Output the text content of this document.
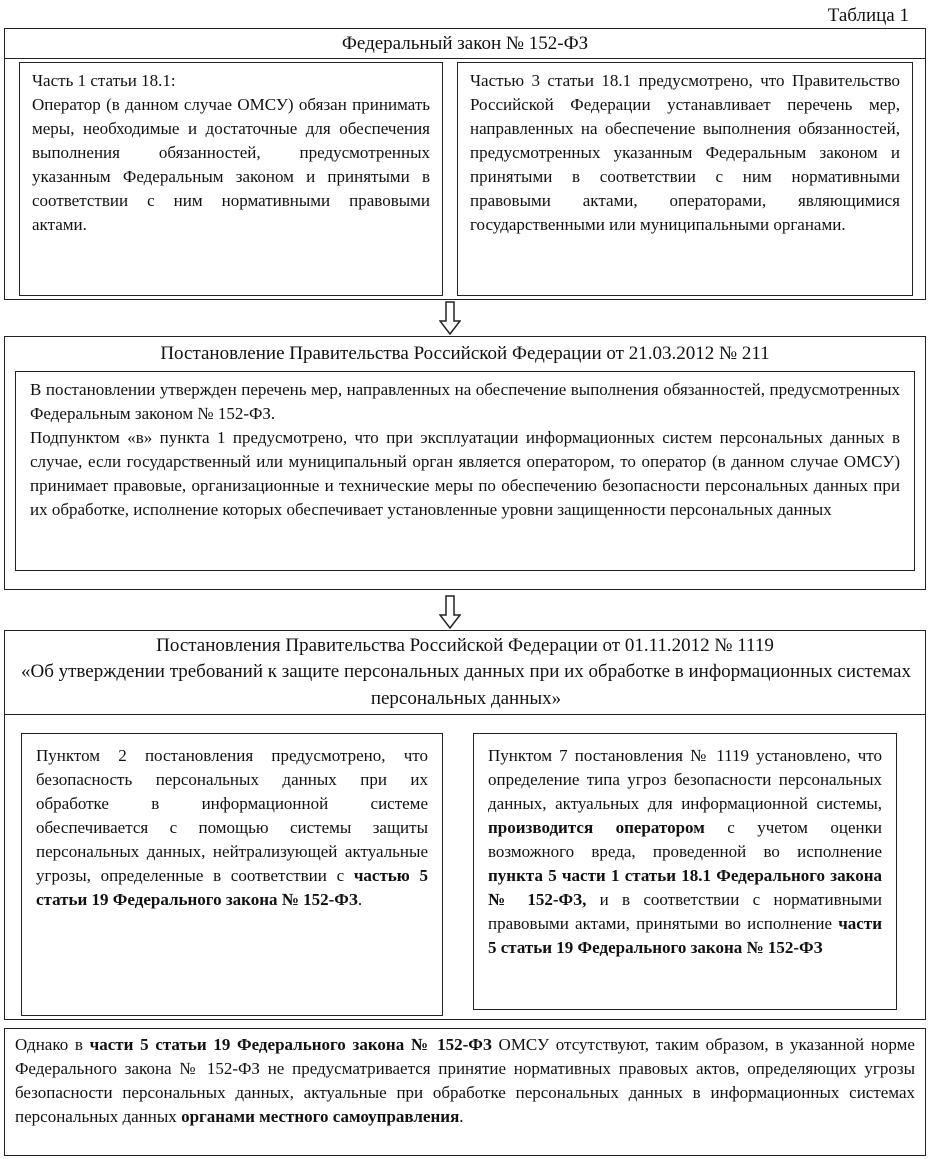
Таблица 1
Федеральный закон № 152-ФЗ
Часть 1 статьи 18.1:
Оператор (в данном случае ОМСУ) обязан принимать меры, необходимые и достаточные для обеспечения выполнения обязанностей, предусмотренных указанным Федеральным законом и принятыми в соответствии с ним нормативными правовыми актами.
Частью 3 статьи 18.1 предусмотрено, что Правительство Российской Федерации устанавливает перечень мер, направленных на обеспечение выполнения обязанностей, предусмотренных указанным Федеральным законом и принятыми в соответствии с ним нормативными правовыми актами, операторами, являющимися государственными или муниципальными органами.
Постановление Правительства Российской Федерации от 21.03.2012 № 211
В постановлении утвержден перечень мер, направленных на обеспечение выполнения обязанностей, предусмотренных Федеральным законом № 152-ФЗ.
Подпунктом «в» пункта 1 предусмотрено, что при эксплуатации информационных систем персональных данных в случае, если государственный или муниципальный орган является оператором, то оператор (в данном случае ОМСУ) принимает правовые, организационные и технические меры по обеспечению безопасности персональных данных при их обработке, исполнение которых обеспечивает установленные уровни защищенности персональных данных
Постановления Правительства Российской Федерации от 01.11.2012 № 1119
«Об утверждении требований к защите персональных данных при их обработке в информационных системах персональных данных»
Пунктом 2 постановления предусмотрено, что безопасность персональных данных при их обработке в информационной системе обеспечивается с помощью системы защиты персональных данных, нейтрализующей актуальные угрозы, определенные в соответствии с частью 5 статьи 19 Федерального закона № 152-ФЗ.
Пунктом 7 постановления № 1119 установлено, что определение типа угроз безопасности персональных данных, актуальных для информационной системы, производится оператором с учетом оценки возможного вреда, проведенной во исполнение пункта 5 части 1 статьи 18.1 Федерального закона № 152-ФЗ, и в соответствии с нормативными правовыми актами, принятыми во исполнение части 5 статьи 19 Федерального закона № 152-ФЗ
Однако в части 5 статьи 19 Федерального закона № 152-ФЗ ОМСУ отсутствуют, таким образом, в указанной норме Федерального закона № 152-ФЗ не предусматривается принятие нормативных правовых актов, определяющих угрозы безопасности персональных данных, актуальные при обработке персональных данных в информационных системах персональных данных органами местного самоуправления.
